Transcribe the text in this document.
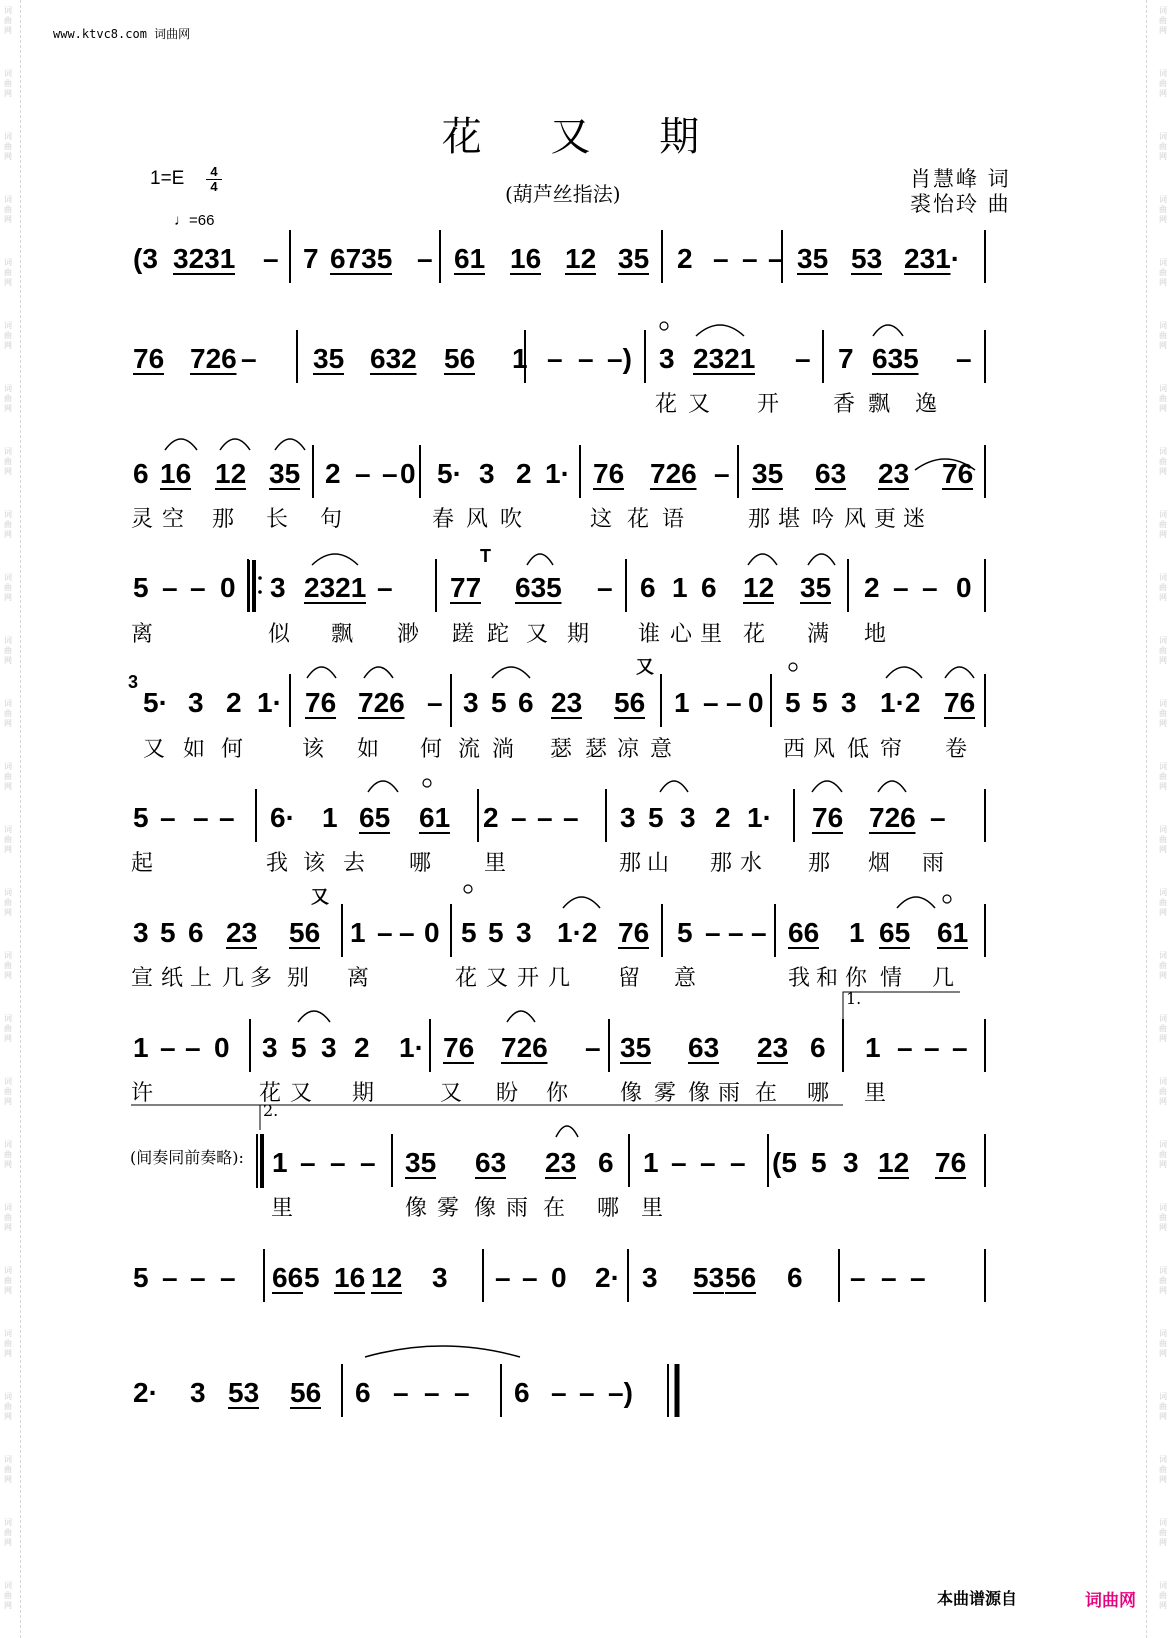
词曲网
词曲网
词曲网
词曲网
词曲网
词曲网
词曲网
词曲网
词曲网
词曲网
词曲网
词曲网
词曲网
词曲网
词曲网
词曲网
词曲网
词曲网
词曲网
词曲网
词曲网
词曲网
词曲网
词曲网
词曲网
词曲网
词曲网
词曲网
词曲网
词曲网
词曲网
词曲网
词曲网
词曲网
词曲网
词曲网
词曲网
词曲网
词曲网
词曲网
词曲网
词曲网
词曲网
词曲网
词曲网
词曲网
词曲网
词曲网
词曲网
词曲网
词曲网
词曲网
www.ktvc8.com 词曲网
花 又 期
1=E	4
4
♩=66
(葫芦丝指法)
肖慧峰 词
裘怡玲 曲
(3 3231 – 7 6735 – 61 16 12 35 2 – – – 35 53 231·
76 726 – 35 632 56 1 – – –) 3 2321 – 7 635 –
花 又 开 香 飘 逸
6 16 12 35 2 – – 0 5· 3 2 1· 76 726 – 35 63 23 76
灵 空 那 长 句	春 风 吹	这 花 语	那 堪 吟 风 更 迷
5 – – 0 3 2321 – 77 635 – 6 1 6 12 35 2 – – 0
离	似 飘 渺 蹉 跎 又 期 谁 心 里 花 满 地
5· 3 2 1· 76 726 – 3 5 6 23 56 1 – – 0 5 5 3 1·2 76
又 如 何	该 如 何 流 淌 瑟 瑟 凉 意	西 风 低 帘 卷
5 – – – 6· 1 65 61 2 – – – 3 5 3 2 1· 76 726 –
起	我 该 去 哪 里	那 山 那 水 那 烟 雨
3 5 6 23 56 1 – – 0 5 5 3 1·2 76 5 – – – 66 1 65 61
宣 纸 上 几 多 别 离	花 又 开 几 留 意	我 和 你 情 几
1 – – 0 3 5 3 2 1· 76 726 – 35 63 23 6 1 – – –
许	花 又 期	又 盼 你 像 雾 像 雨 在 哪 里
1 – – – 35 63 23 6 1 – – – (5 5 3 12 76
里	像 雾 像 雨 在 哪 里
5 – – – 66 5 16 12 3 – – 0 2· 3 53 56 6 – – –
2· 3 53 56 6 – – – 6 – – –)
(间奏同前奏略):
1.
2.
3
T
又
又
本曲谱源自	词曲网
